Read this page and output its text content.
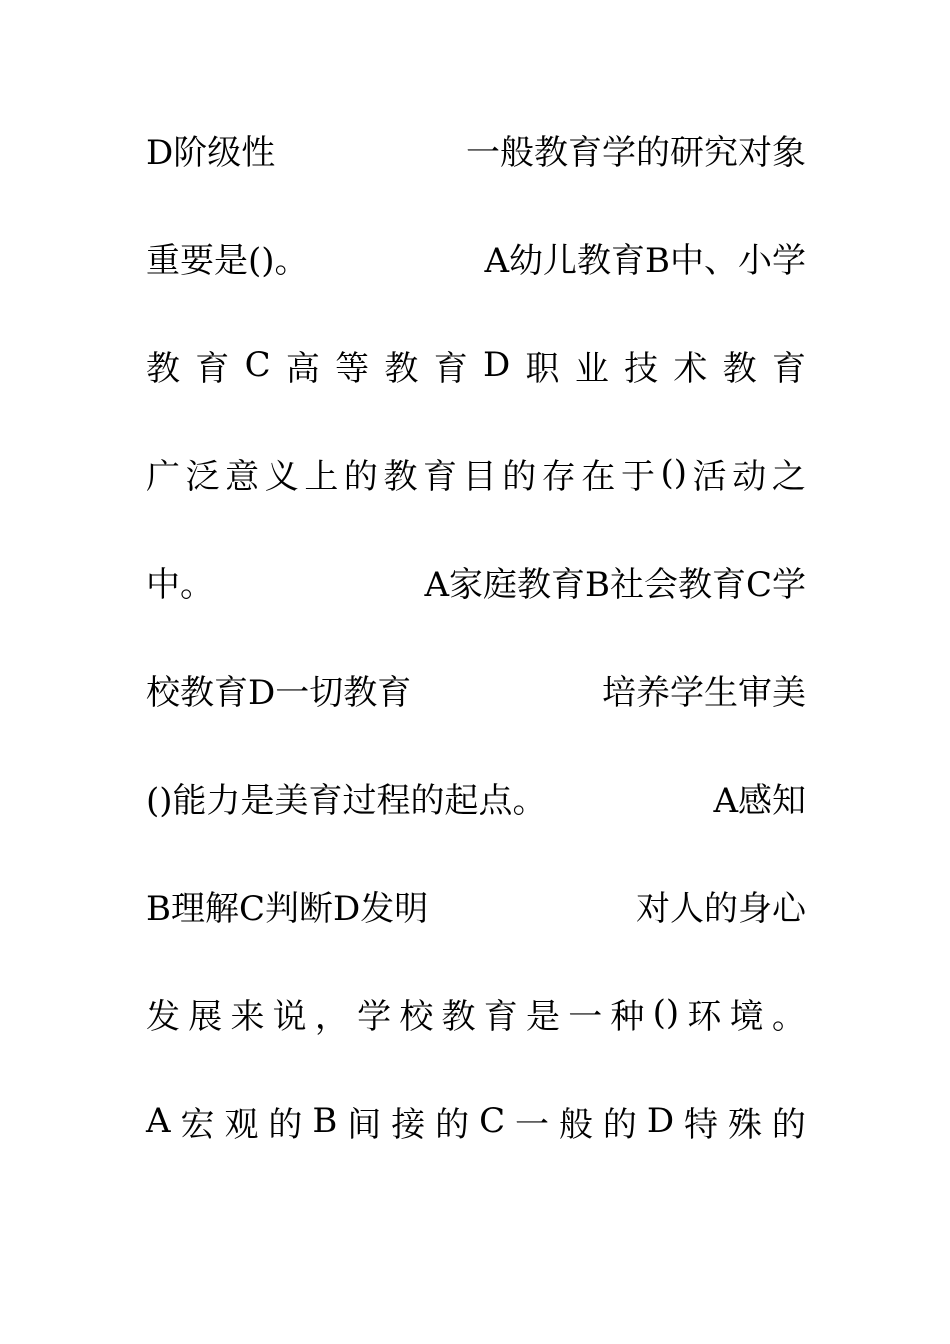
D阶级性	一般教育学的研究对象
重要是()。	A幼儿教育B中、小学
教 育 C 高 等 教 育 D 职 业 技 术 教 育
广 泛 意 义 上 的 教 育 目 的 存 在 于 () 活 动 之
中。	A家庭教育B社会教育C学
校教育D一切教育	培养学生审美
()能力是美育过程的起点。	A感知
B理解C判断D发明	对人的身心
发 展 来 说 ， 学 校 教 育 是 一 种 () 环 境 。
A 宏 观 的 B 间 接 的 C 一 般 的 D 特 殊 的
